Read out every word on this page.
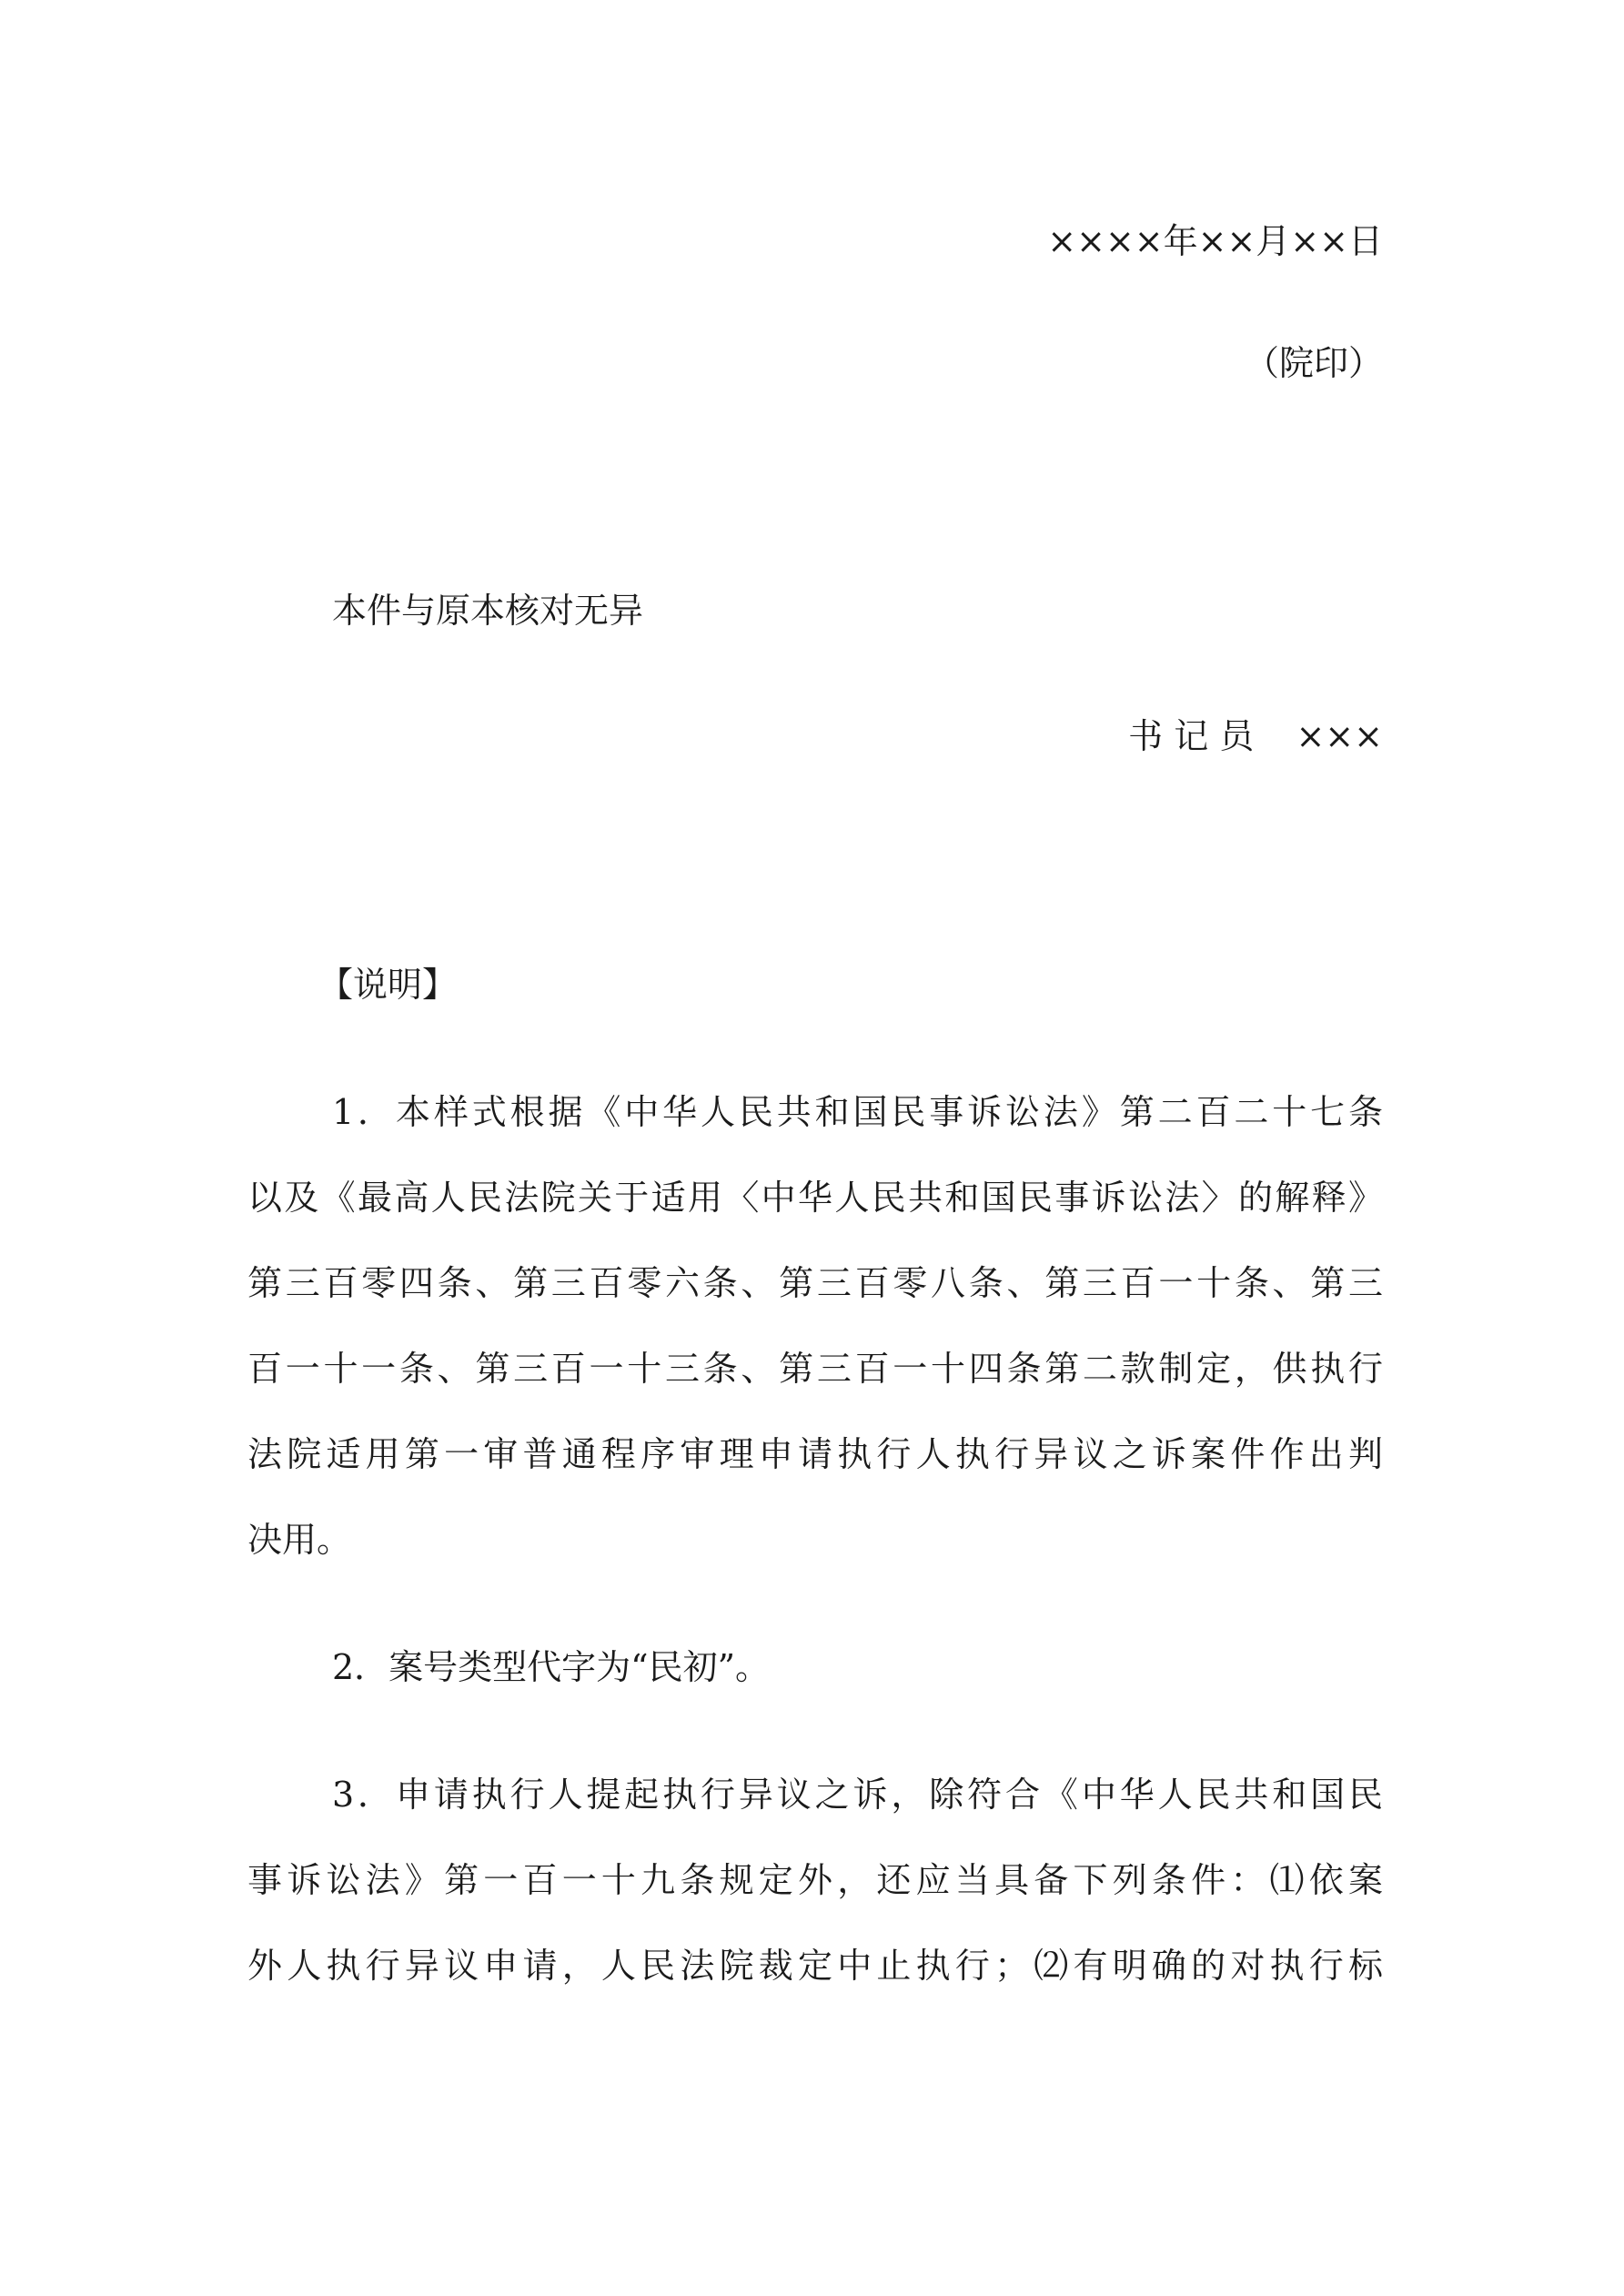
××××年××月××日
（院印）
本件与原本核对无异
书 记 员 ×××
【说明】
1．本样式根据《中华人民共和国民事诉讼法》第二百二十七条
以及《最高人民法院关于适用〈中华人民共和国民事诉讼法〉的解释》
第三百零四条、第三百零六条、第三百零八条、第三百一十条、第三
百一十一条、第三百一十三条、第三百一十四条第二款制定，供执行
法院适用第一审普通程序审理申请执行人执行异议之诉案件作出判
决用。
2．案号类型代字为“民初”。
3．申请执行人提起执行异议之诉，除符合《中华人民共和国民
事诉讼法》第一百一十九条规定外，还应当具备下列条件：⑴依案
外人执行异议申请，人民法院裁定中止执行；⑵有明确的对执行标
